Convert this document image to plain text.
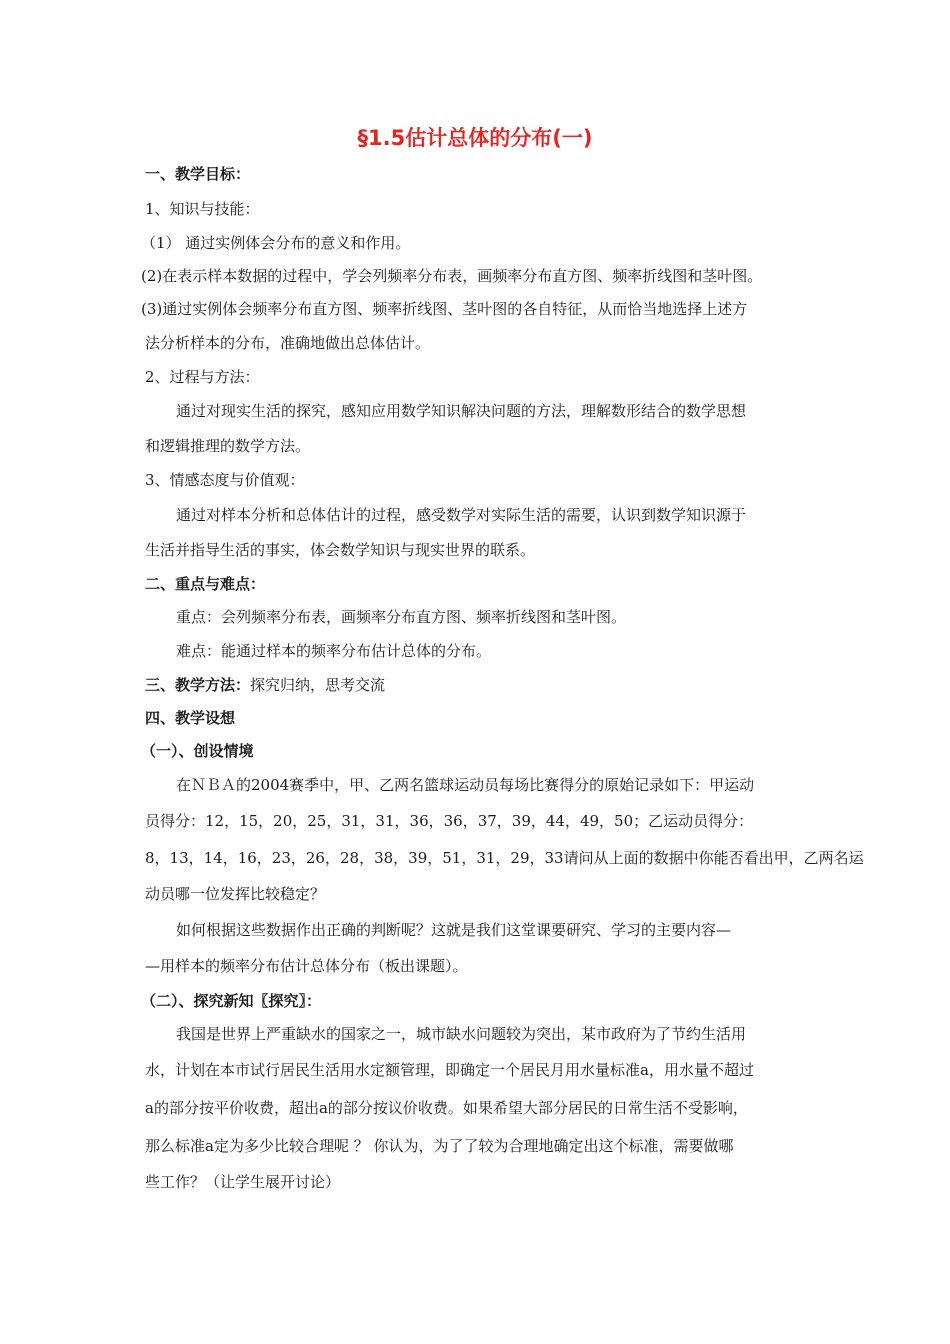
§1.5估计总体的分布(一)
一、教学目标：
1、知识与技能：
（1） 通过实例体会分布的意义和作用。
(2)在表示样本数据的过程中，学会列频率分布表，画频率分布直方图、频率折线图和茎叶图。
(3)通过实例体会频率分布直方图、频率折线图、茎叶图的各自特征，从而恰当地选择上述方
法分析样本的分布，准确地做出总体估计。
2、过程与方法：
通过对现实生活的探究，感知应用数学知识解决问题的方法，理解数形结合的数学思想
和逻辑推理的数学方法。
3、情感态度与价值观：
通过对样本分析和总体估计的过程，感受数学对实际生活的需要，认识到数学知识源于
生活并指导生活的事实，体会数学知识与现实世界的联系。
二、重点与难点：
重点：会列频率分布表，画频率分布直方图、频率折线图和茎叶图。
难点：能通过样本的频率分布估计总体的分布。
三、教学方法：探究归纳，思考交流
四、教学设想
（一）、创设情境
在ＮＢＡ的2004赛季中，甲、乙两名篮球运动员每场比赛得分的原始记录如下：甲运动
员得分：12，15，20，25，31，31，36，36，37，39，44，49，50；乙运动员得分：
8，13，14，16，23，26，28，38，39，51，31，29，33请问从上面的数据中你能否看出甲，乙两名运
动员哪一位发挥比较稳定？
如何根据这些数据作出正确的判断呢？这就是我们这堂课要研究、学习的主要内容—
—用样本的频率分布估计总体分布（板出课题）。
（二）、探究新知〖探究〗：
我国是世界上严重缺水的国家之一，城市缺水问题较为突出，某市政府为了节约生活用
水，计划在本市试行居民生活用水定额管理，即确定一个居民月用水量标准a，用水量不超过
a的部分按平价收费，超出a的部分按议价收费。如果希望大部分居民的日常生活不受影响，
那么标准a定为多少比较合理呢 ？ 你认为，为了了较为合理地确定出这个标准，需要做哪
些工作？（让学生展开讨论）
